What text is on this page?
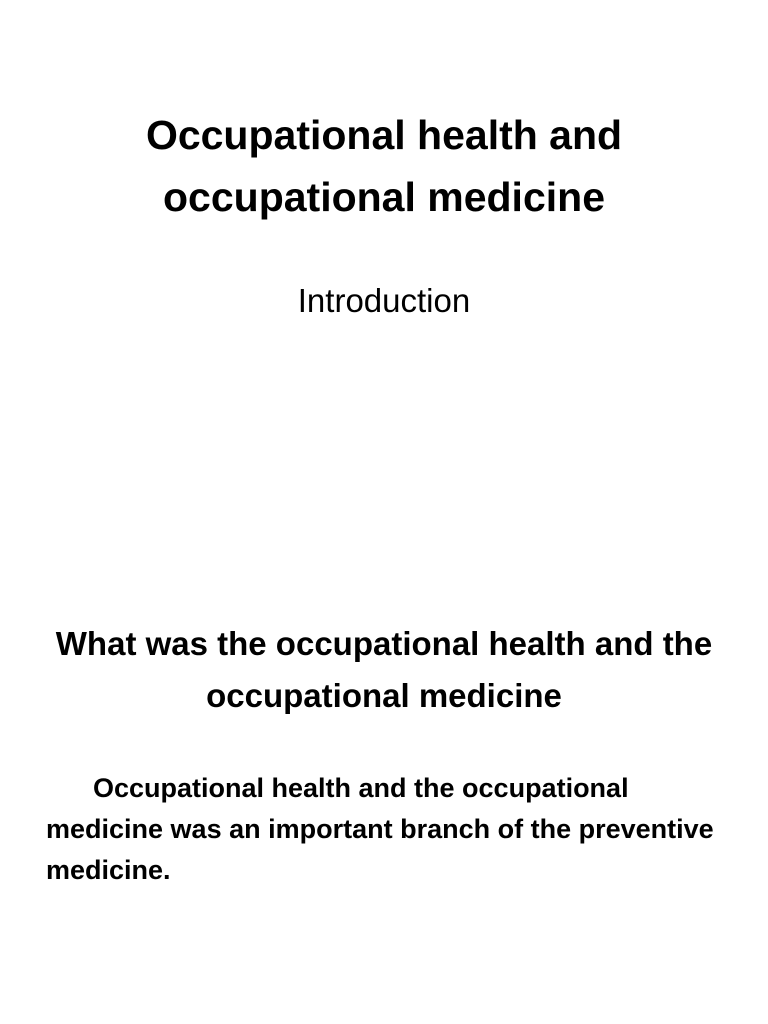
Occupational health and occupational medicine

Introduction

What was the occupational health and the occupational medicine

Occupational health and the occupational medicine was an important branch of the preventive medicine.
